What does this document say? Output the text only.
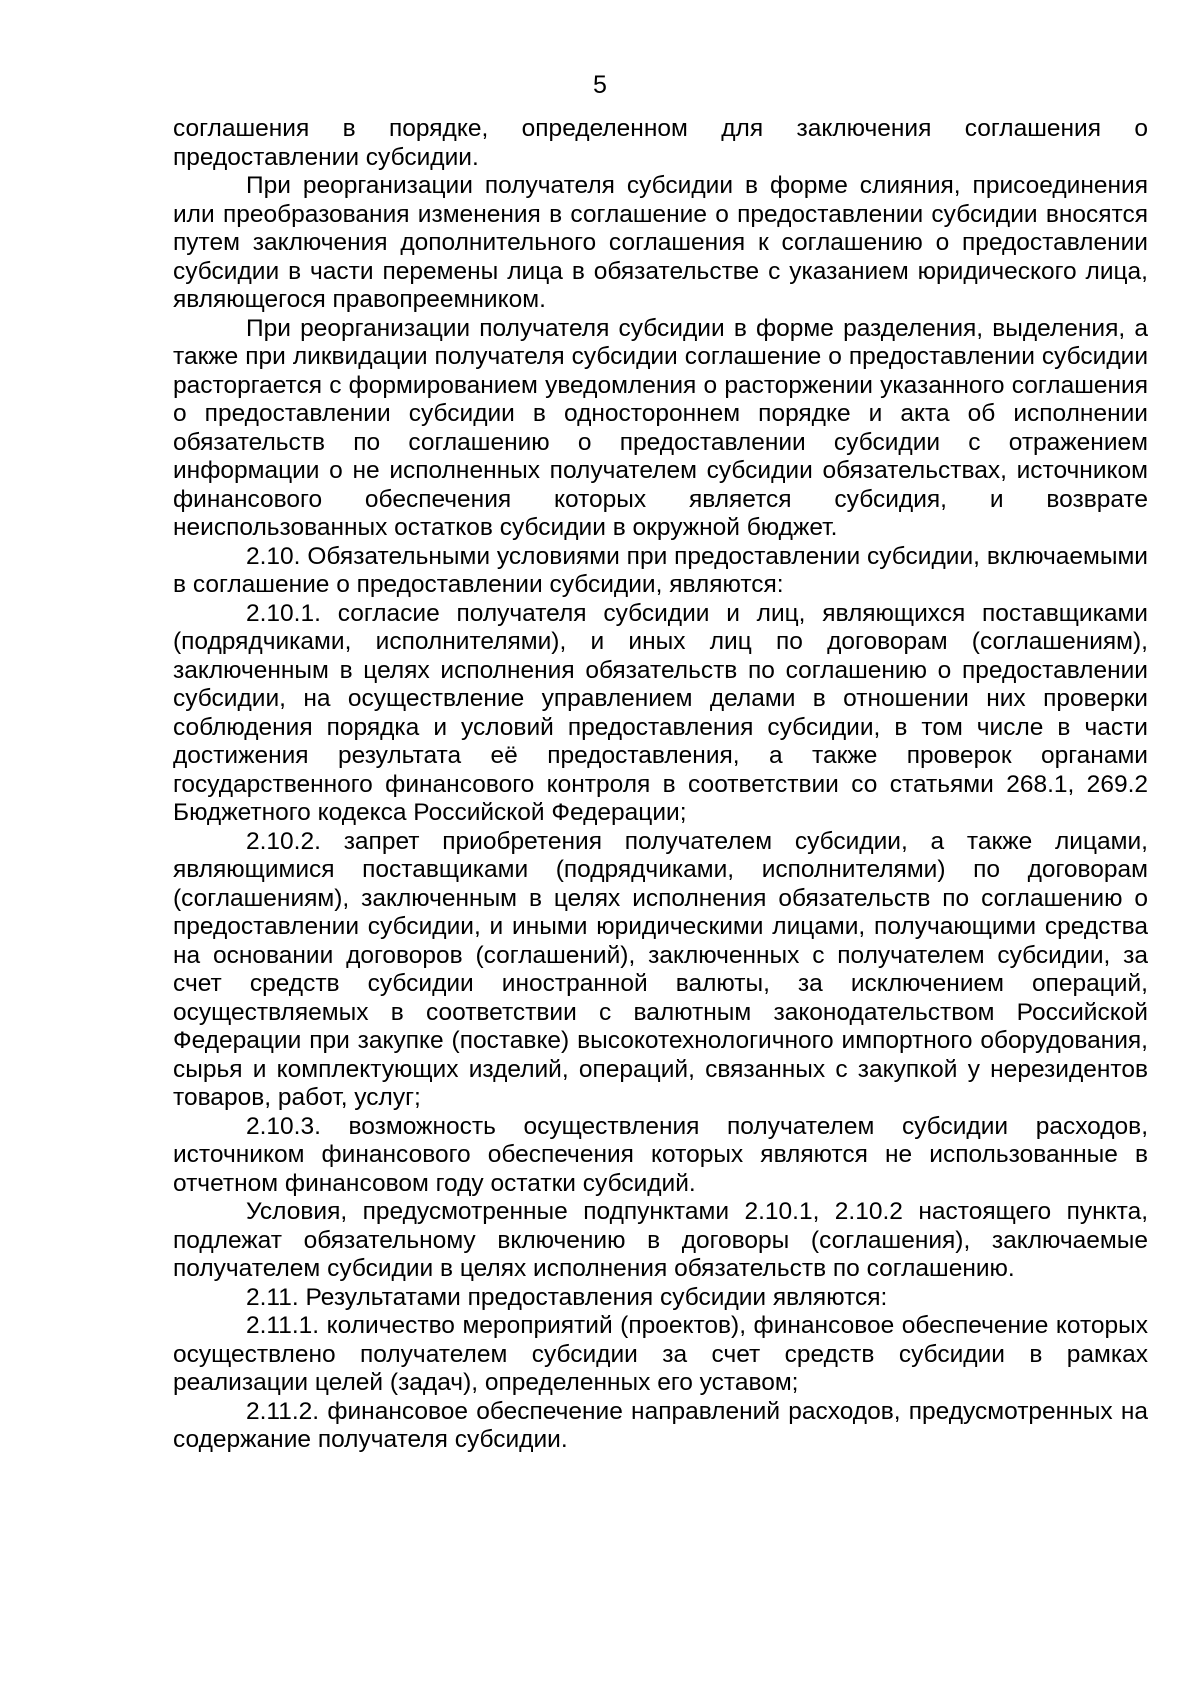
5

соглашения в порядке, определенном для заключения соглашения о предоставлении субсидии.

При реорганизации получателя субсидии в форме слияния, присоединения или преобразования изменения в соглашение о предоставлении субсидии вносятся путем заключения дополнительного соглашения к соглашению о предоставлении субсидии в части перемены лица в обязательстве с указанием юридического лица, являющегося правопреемником.

При реорганизации получателя субсидии в форме разделения, выделения, а также при ликвидации получателя субсидии соглашение о предоставлении субсидии расторгается с формированием уведомления о расторжении указанного соглашения о предоставлении субсидии в одностороннем порядке и акта об исполнении обязательств по соглашению о предоставлении субсидии с отражением информации о не исполненных получателем субсидии обязательствах, источником финансового обеспечения которых является субсидия, и возврате неиспользованных остатков субсидии в окружной бюджет.

2.10. Обязательными условиями при предоставлении субсидии, включаемыми в соглашение о предоставлении субсидии, являются:

2.10.1. согласие получателя субсидии и лиц, являющихся поставщиками (подрядчиками, исполнителями), и иных лиц по договорам (соглашениям), заключенным в целях исполнения обязательств по соглашению о предоставлении субсидии, на осуществление управлением делами в отношении них проверки соблюдения порядка и условий предоставления субсидии, в том числе в части достижения результата её предоставления, а также проверок органами государственного финансового контроля в соответствии со статьями 268.1, 269.2 Бюджетного кодекса Российской Федерации;

2.10.2. запрет приобретения получателем субсидии, а также лицами, являющимися поставщиками (подрядчиками, исполнителями) по договорам (соглашениям), заключенным в целях исполнения обязательств по соглашению о предоставлении субсидии, и иными юридическими лицами, получающими средства на основании договоров (соглашений), заключенных с получателем субсидии, за счет средств субсидии иностранной валюты, за исключением операций, осуществляемых в соответствии с валютным законодательством Российской Федерации при закупке (поставке) высокотехнологичного импортного оборудования, сырья и комплектующих изделий, операций, связанных с закупкой у нерезидентов товаров, работ, услуг;

2.10.3. возможность осуществления получателем субсидии расходов, источником финансового обеспечения которых являются не использованные в отчетном финансовом году остатки субсидий.

Условия, предусмотренные подпунктами 2.10.1, 2.10.2 настоящего пункта, подлежат обязательному включению в договоры (соглашения), заключаемые получателем субсидии в целях исполнения обязательств по соглашению.

2.11. Результатами предоставления субсидии являются:

2.11.1. количество мероприятий (проектов), финансовое обеспечение которых осуществлено получателем субсидии за счет средств субсидии в рамках реализации целей (задач), определенных его уставом;

2.11.2. финансовое обеспечение направлений расходов, предусмотренных на содержание получателя субсидии.
